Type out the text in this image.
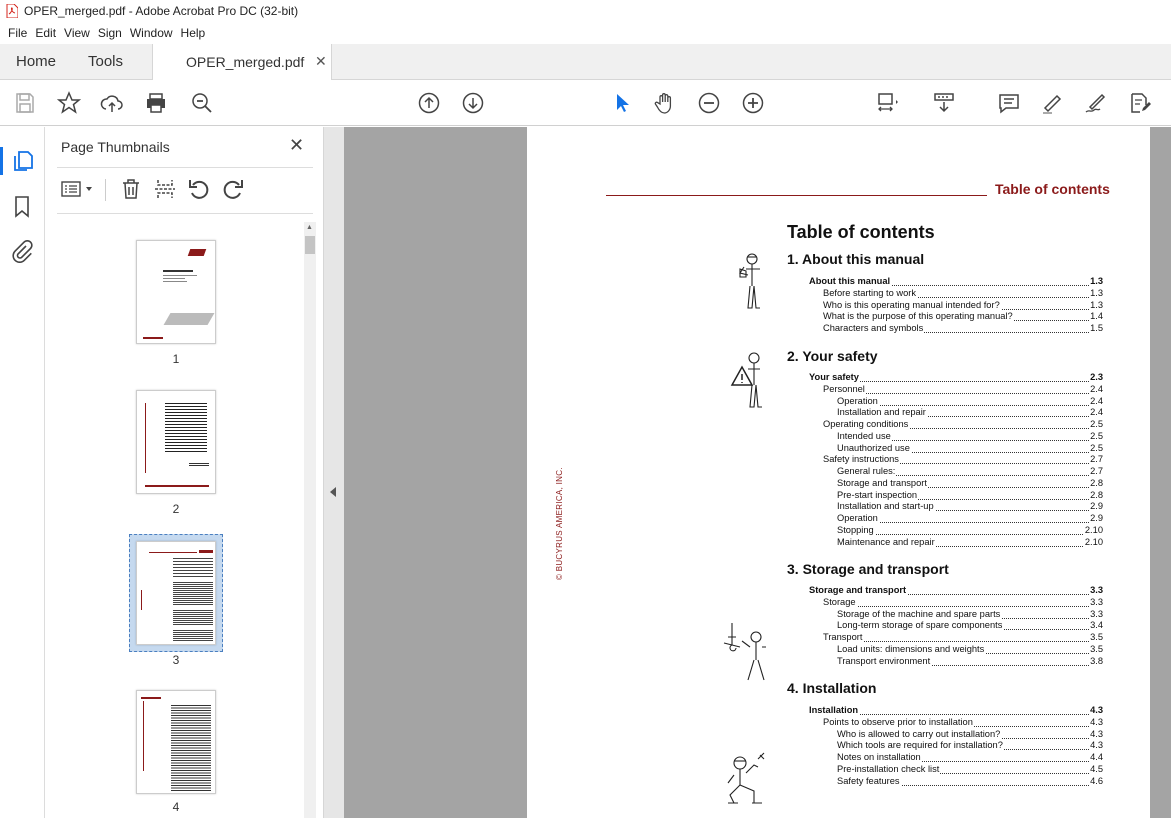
OPER_merged.pdf - Adobe Acrobat Pro DC (32-bit)
File Edit View Sign Window Help
Home Tools	OPER_merged.pdf ✕
Page Thumbnails	✕
1
2
3
4
▲
Table of contents
© BUCYRUS AMERICA, INC.
Table of contents
1. About this manual
About this manual	1.3
Before starting to work	1.3
Who is this operating manual intended for?	1.3
What is the purpose of this operating manual?	1.4
Characters and symbols	1.5
2. Your safety
Your safety	2.3
Personnel	2.4
Operation	2.4
Installation and repair	2.4
Operating conditions	2.5
Intended use	2.5
Unauthorized use	2.5
Safety instructions	2.7
General rules:	2.7
Storage and transport	2.8
Pre-start inspection	2.8
Installation and start-up	2.9
Operation	2.9
Stopping	2.10
Maintenance and repair	2.10
3. Storage and transport
Storage and transport	3.3
Storage	3.3
Storage of the machine and spare parts	3.3
Long-term storage of spare components	3.4
Transport	3.5
Load units: dimensions and weights	3.5
Transport environment	3.8
4. Installation
Installation	4.3
Points to observe prior to installation	4.3
Who is allowed to carry out installation?	4.3
Which tools are required for installation?	4.3
Notes on installation	4.4
Pre-installation check list	4.5
Safety features	4.6
